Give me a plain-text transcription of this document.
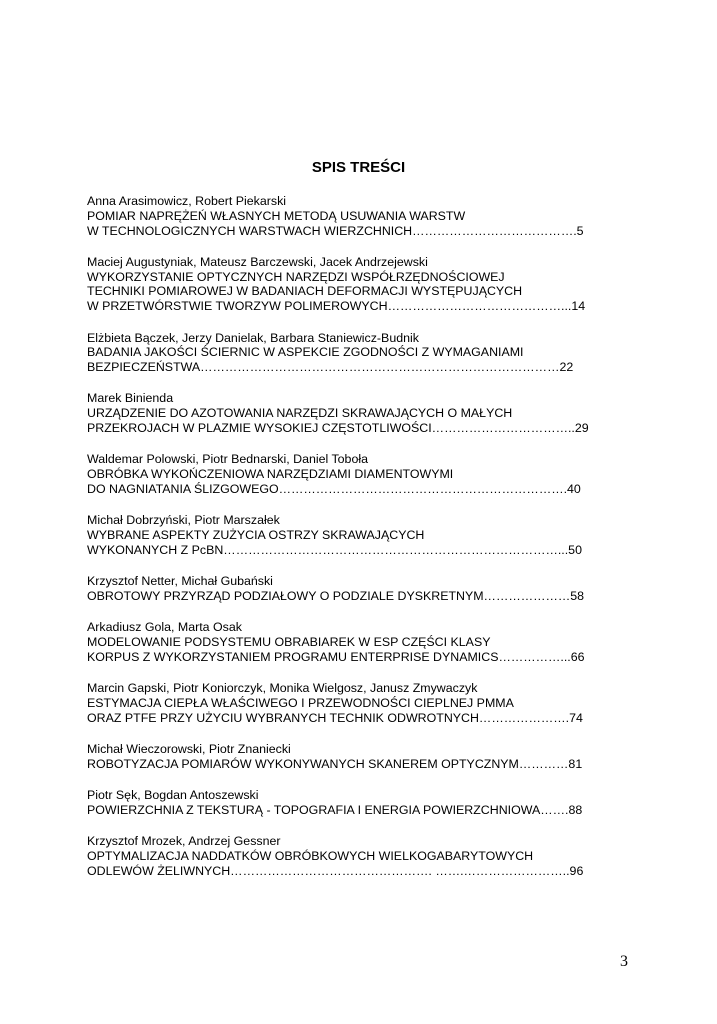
SPIS TREŚCI
Anna Arasimowicz, Robert Piekarski
POMIAR NAPRĘŻEŃ WŁASNYCH METODĄ USUWANIA WARSTW
W TECHNOLOGICZNYCH WARSTWACH WIERZCHNICH………………………………….5
Maciej Augustyniak, Mateusz Barczewski, Jacek Andrzejewski
WYKORZYSTANIE OPTYCZNYCH NARZĘDZI WSPÓŁRZĘDNOŚCIOWEJ
TECHNIKI POMIAROWEJ W BADANIACH DEFORMACJI WYSTĘPUJĄCYCH
W PRZETWÓRSTWIE TWORZYW POLIMEROWYCH……………………………………...14
Elżbieta Bączek, Jerzy Danielak, Barbara Staniewicz-Budnik
BADANIA JAKOŚCI ŚCIERNIC W ASPEKCIE ZGODNOŚCI Z WYMAGANIAMI
BEZPIECZEŃSTWA……………………………………………………………………………22
Marek Binienda
URZĄDZENIE DO AZOTOWANIA NARZĘDZI SKRAWAJĄCYCH O MAŁYCH
PRZEKROJACH W PLAZMIE WYSOKIEJ CZĘSTOTLIWOŚCI……………………………..29
Waldemar Polowski, Piotr Bednarski, Daniel Toboła
OBRÓBKA WYKOŃCZENIOWA NARZĘDZIAMI DIAMENTOWYMI
DO NAGNIATANIA ŚLIZGOWEGO…………………………………………………………….40
Michał Dobrzyński, Piotr Marszałek
WYBRANE ASPEKTY ZUŻYCIA OSTRZY SKRAWAJĄCYCH
WYKONANYCH Z PcBN………………………………………………………………………...50
Krzysztof Netter, Michał Gubański
OBROTOWY PRZYRZĄD PODZIAŁOWY O PODZIALE DYSKRETNYM…………………58
Arkadiusz Gola, Marta Osak
MODELOWANIE PODSYSTEMU OBRABIAREK W ESP CZĘŚCI KLASY
KORPUS Z WYKORZYSTANIEM PROGRAMU ENTERPRISE DYNAMICS……………...66
Marcin Gapski, Piotr Koniorczyk, Monika Wielgosz, Janusz Zmywaczyk
ESTYMACJA CIEPŁA WŁAŚCIWEGO I PRZEWODNOŚCI CIEPLNEJ PMMA
ORAZ PTFE PRZY UŻYCIU WYBRANYCH TECHNIK ODWROTNYCH………………….74
Michał Wieczorowski, Piotr Znaniecki
ROBOTYZACJA POMIARÓW WYKONYWANYCH SKANEREM OPTYCZNYM…………81
Piotr Sęk, Bogdan Antoszewski
POWIERZCHNIA Z TEKSTURĄ - TOPOGRAFIA I ENERGIA POWIERZCHNIOWA…….88
Krzysztof Mrozek, Andrzej Gessner
OPTYMALIZACJA NADDATKÓW OBRÓBKOWYCH WIELKOGABARYTOWYCH
ODLEWÓW ŻELIWNYCH…………………………………………. …….……………………..96
3
